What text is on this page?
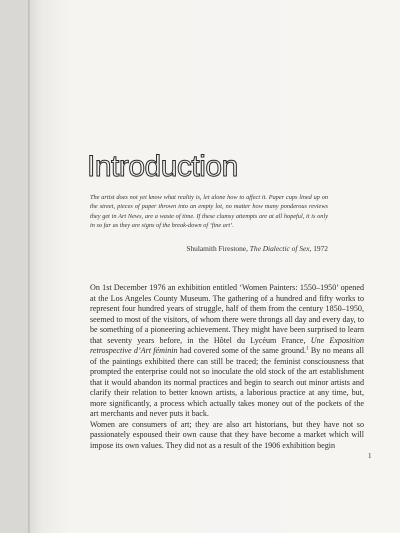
Introduction

The artist does not yet know what reality is, let alone how to affect it. Paper cups lined up on the street, pieces of paper thrown into an empty lot, no matter how many ponderous reviews they get in Art News, are a waste of time. If these clumsy attempts are at all hopeful, it is only in so far as they are signs of the break-down of ‘fine art’.

Shulamith Firestone, The Dialectic of Sex, 1972

On 1st December 1976 an exhibition entitled ‘Women Painters: 1550–1950’ opened at the Los Angeles County Museum. The gathering of a hundred and fifty works to represent four hundred years of struggle, half of them from the century 1850–1950, seemed to most of the visitors, of whom there were throngs all day and every day, to be something of a pioneering achievement. They might have been surprised to learn that seventy years before, in the Hôtel du Lycéum France, Une Exposition retrospective d’Art féminin had covered some of the same ground.$^1$ By no means all of the paintings exhibited there can still be traced; the feminist consciousness that prompted the enterprise could not so inoculate the old stock of the art establishment that it would abandon its normal practices and begin to search out minor artists and clarify their relation to better known artists, a laborious practice at any time, but, more significantly, a process which actually takes money out of the pockets of the art merchants and never puts it back.

Women are consumers of art; they are also art historians, but they have not so passionately espoused their own cause that they have become a market which will impose its own values. They did not as a result of the 1906 exhibition begin

1
